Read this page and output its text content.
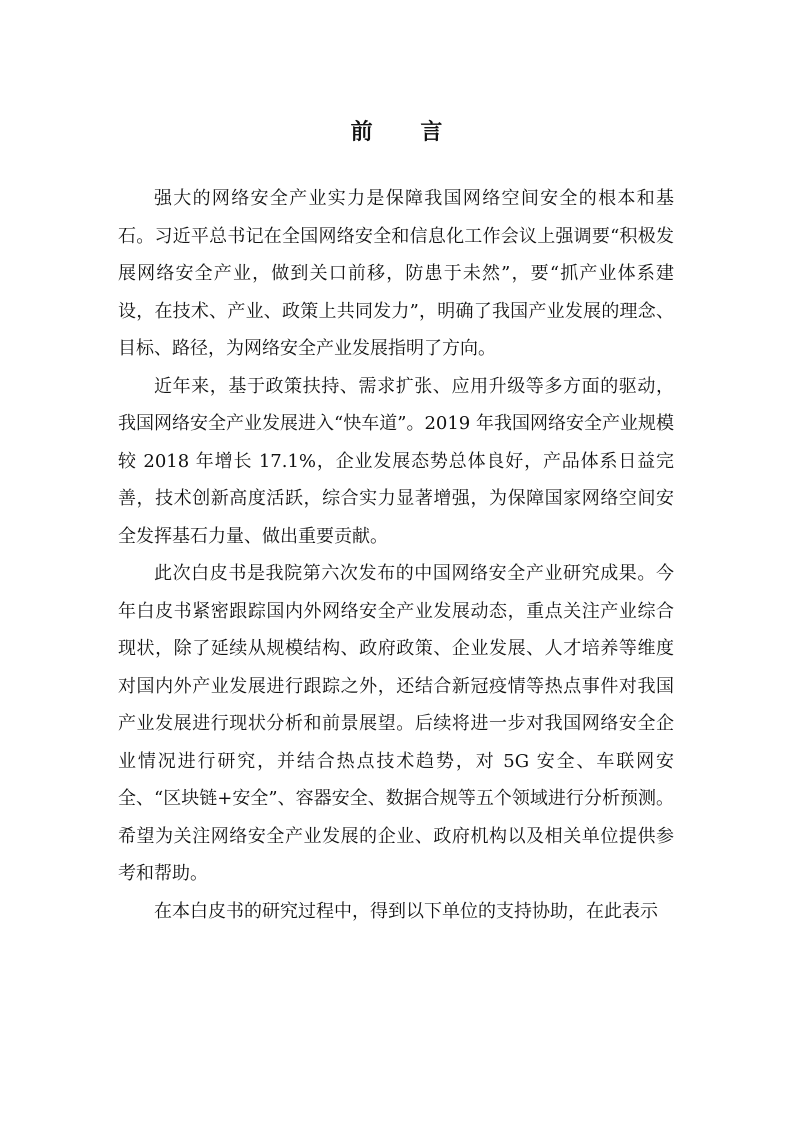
前 言

强大的网络安全产业实力是保障我国网络空间安全的根本和基石。习近平总书记在全国网络安全和信息化工作会议上强调要“积极发展网络安全产业，做到关口前移，防患于未然”，要“抓产业体系建设，在技术、产业、政策上共同发力”，明确了我国产业发展的理念、目标、路径，为网络安全产业发展指明了方向。

近年来，基于政策扶持、需求扩张、应用升级等多方面的驱动，我国网络安全产业发展进入“快车道”。2019 年我国网络安全产业规模较 2018 年增长 17.1%，企业发展态势总体良好，产品体系日益完善，技术创新高度活跃，综合实力显著增强，为保障国家网络空间安全发挥基石力量、做出重要贡献。

此次白皮书是我院第六次发布的中国网络安全产业研究成果。今年白皮书紧密跟踪国内外网络安全产业发展动态，重点关注产业综合现状，除了延续从规模结构、政府政策、企业发展、人才培养等维度对国内外产业发展进行跟踪之外，还结合新冠疫情等热点事件对我国产业发展进行现状分析和前景展望。后续将进一步对我国网络安全企业情况进行研究，并结合热点技术趋势，对 5G 安全、车联网安全、“区块链+安全”、容器安全、数据合规等五个领域进行分析预测。希望为关注网络安全产业发展的企业、政府机构以及相关单位提供参考和帮助。

在本白皮书的研究过程中，得到以下单位的支持协助，在此表示
